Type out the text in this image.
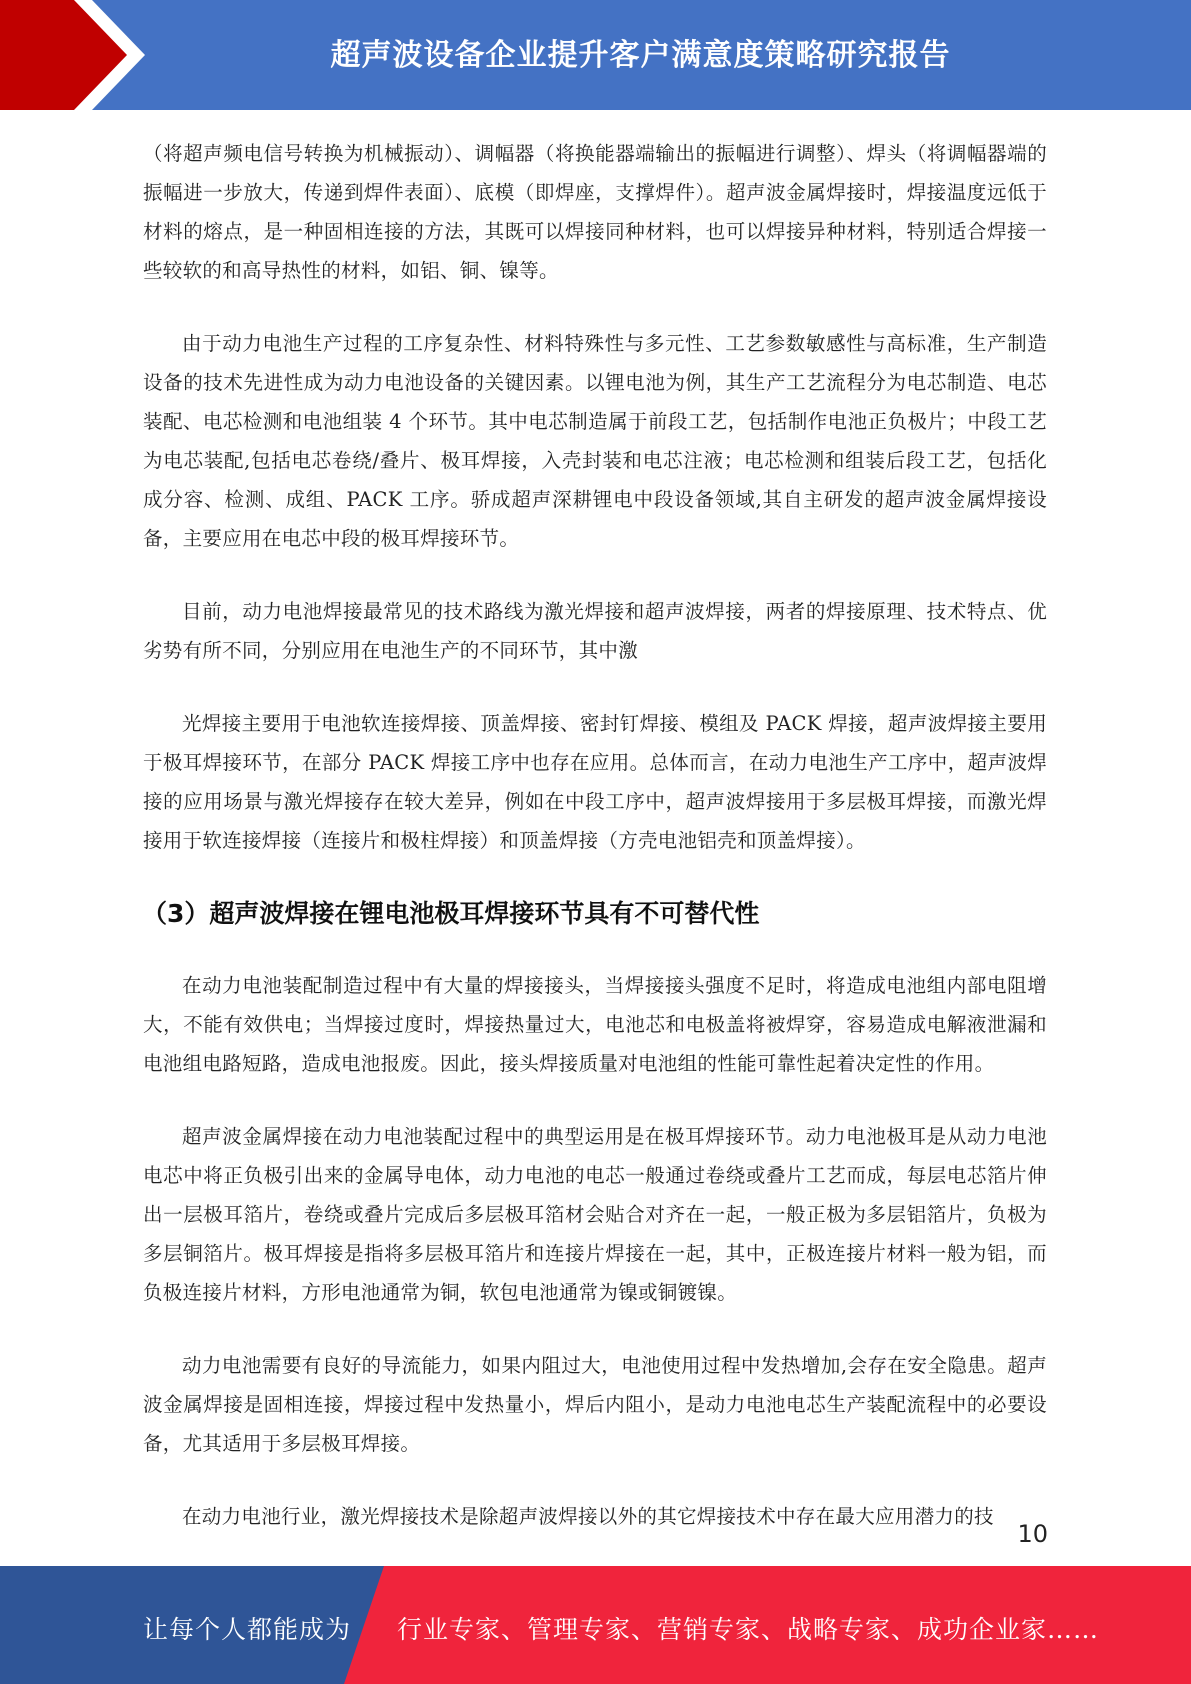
超声波设备企业提升客户满意度策略研究报告

（将超声频电信号转换为机械振动）、调幅器（将换能器端输出的振幅进行调整）、焊头（将调幅器端的振幅进一步放大，传递到焊件表面）、底模（即焊座，支撑焊件）。超声波金属焊接时，焊接温度远低于材料的熔点，是一种固相连接的方法，其既可以焊接同种材料，也可以焊接异种材料，特别适合焊接一些较软的和高导热性的材料，如铝、铜、镍等。

由于动力电池生产过程的工序复杂性、材料特殊性与多元性、工艺参数敏感性与高标准，生产制造设备的技术先进性成为动力电池设备的关键因素。以锂电池为例，其生产工艺流程分为电芯制造、电芯装配、电芯检测和电池组装 4 个环节。其中电芯制造属于前段工艺，包括制作电池正负极片；中段工艺为电芯装配,包括电芯卷绕/叠片、极耳焊接，入壳封装和电芯注液；电芯检测和组装后段工艺，包括化成分容、检测、成组、PACK 工序。骄成超声深耕锂电中段设备领域,其自主研发的超声波金属焊接设备，主要应用在电芯中段的极耳焊接环节。

目前，动力电池焊接最常见的技术路线为激光焊接和超声波焊接，两者的焊接原理、技术特点、优劣势有所不同，分别应用在电池生产的不同环节，其中激

光焊接主要用于电池软连接焊接、顶盖焊接、密封钉焊接、模组及 PACK 焊接，超声波焊接主要用于极耳焊接环节，在部分 PACK 焊接工序中也存在应用。总体而言，在动力电池生产工序中，超声波焊接的应用场景与激光焊接存在较大差异，例如在中段工序中，超声波焊接用于多层极耳焊接，而激光焊接用于软连接焊接（连接片和极柱焊接）和顶盖焊接（方壳电池铝壳和顶盖焊接）。

（3）超声波焊接在锂电池极耳焊接环节具有不可替代性

在动力电池装配制造过程中有大量的焊接接头，当焊接接头强度不足时，将造成电池组内部电阻增大，不能有效供电；当焊接过度时，焊接热量过大，电池芯和电极盖将被焊穿，容易造成电解液泄漏和电池组电路短路，造成电池报废。因此，接头焊接质量对电池组的性能可靠性起着决定性的作用。

超声波金属焊接在动力电池装配过程中的典型运用是在极耳焊接环节。动力电池极耳是从动力电池电芯中将正负极引出来的金属导电体，动力电池的电芯一般通过卷绕或叠片工艺而成，每层电芯箔片伸出一层极耳箔片，卷绕或叠片完成后多层极耳箔材会贴合对齐在一起，一般正极为多层铝箔片，负极为多层铜箔片。极耳焊接是指将多层极耳箔片和连接片焊接在一起，其中，正极连接片材料一般为铝，而负极连接片材料，方形电池通常为铜，软包电池通常为镍或铜镀镍。

动力电池需要有良好的导流能力，如果内阻过大，电池使用过程中发热增加,会存在安全隐患。超声波金属焊接是固相连接，焊接过程中发热量小，焊后内阻小，是动力电池电芯生产装配流程中的必要设备，尤其适用于多层极耳焊接。

在动力电池行业，激光焊接技术是除超声波焊接以外的其它焊接技术中存在最大应用潜力的技

10
让每个人都能成为 行业专家、管理专家、营销专家、战略专家、成功企业家……
